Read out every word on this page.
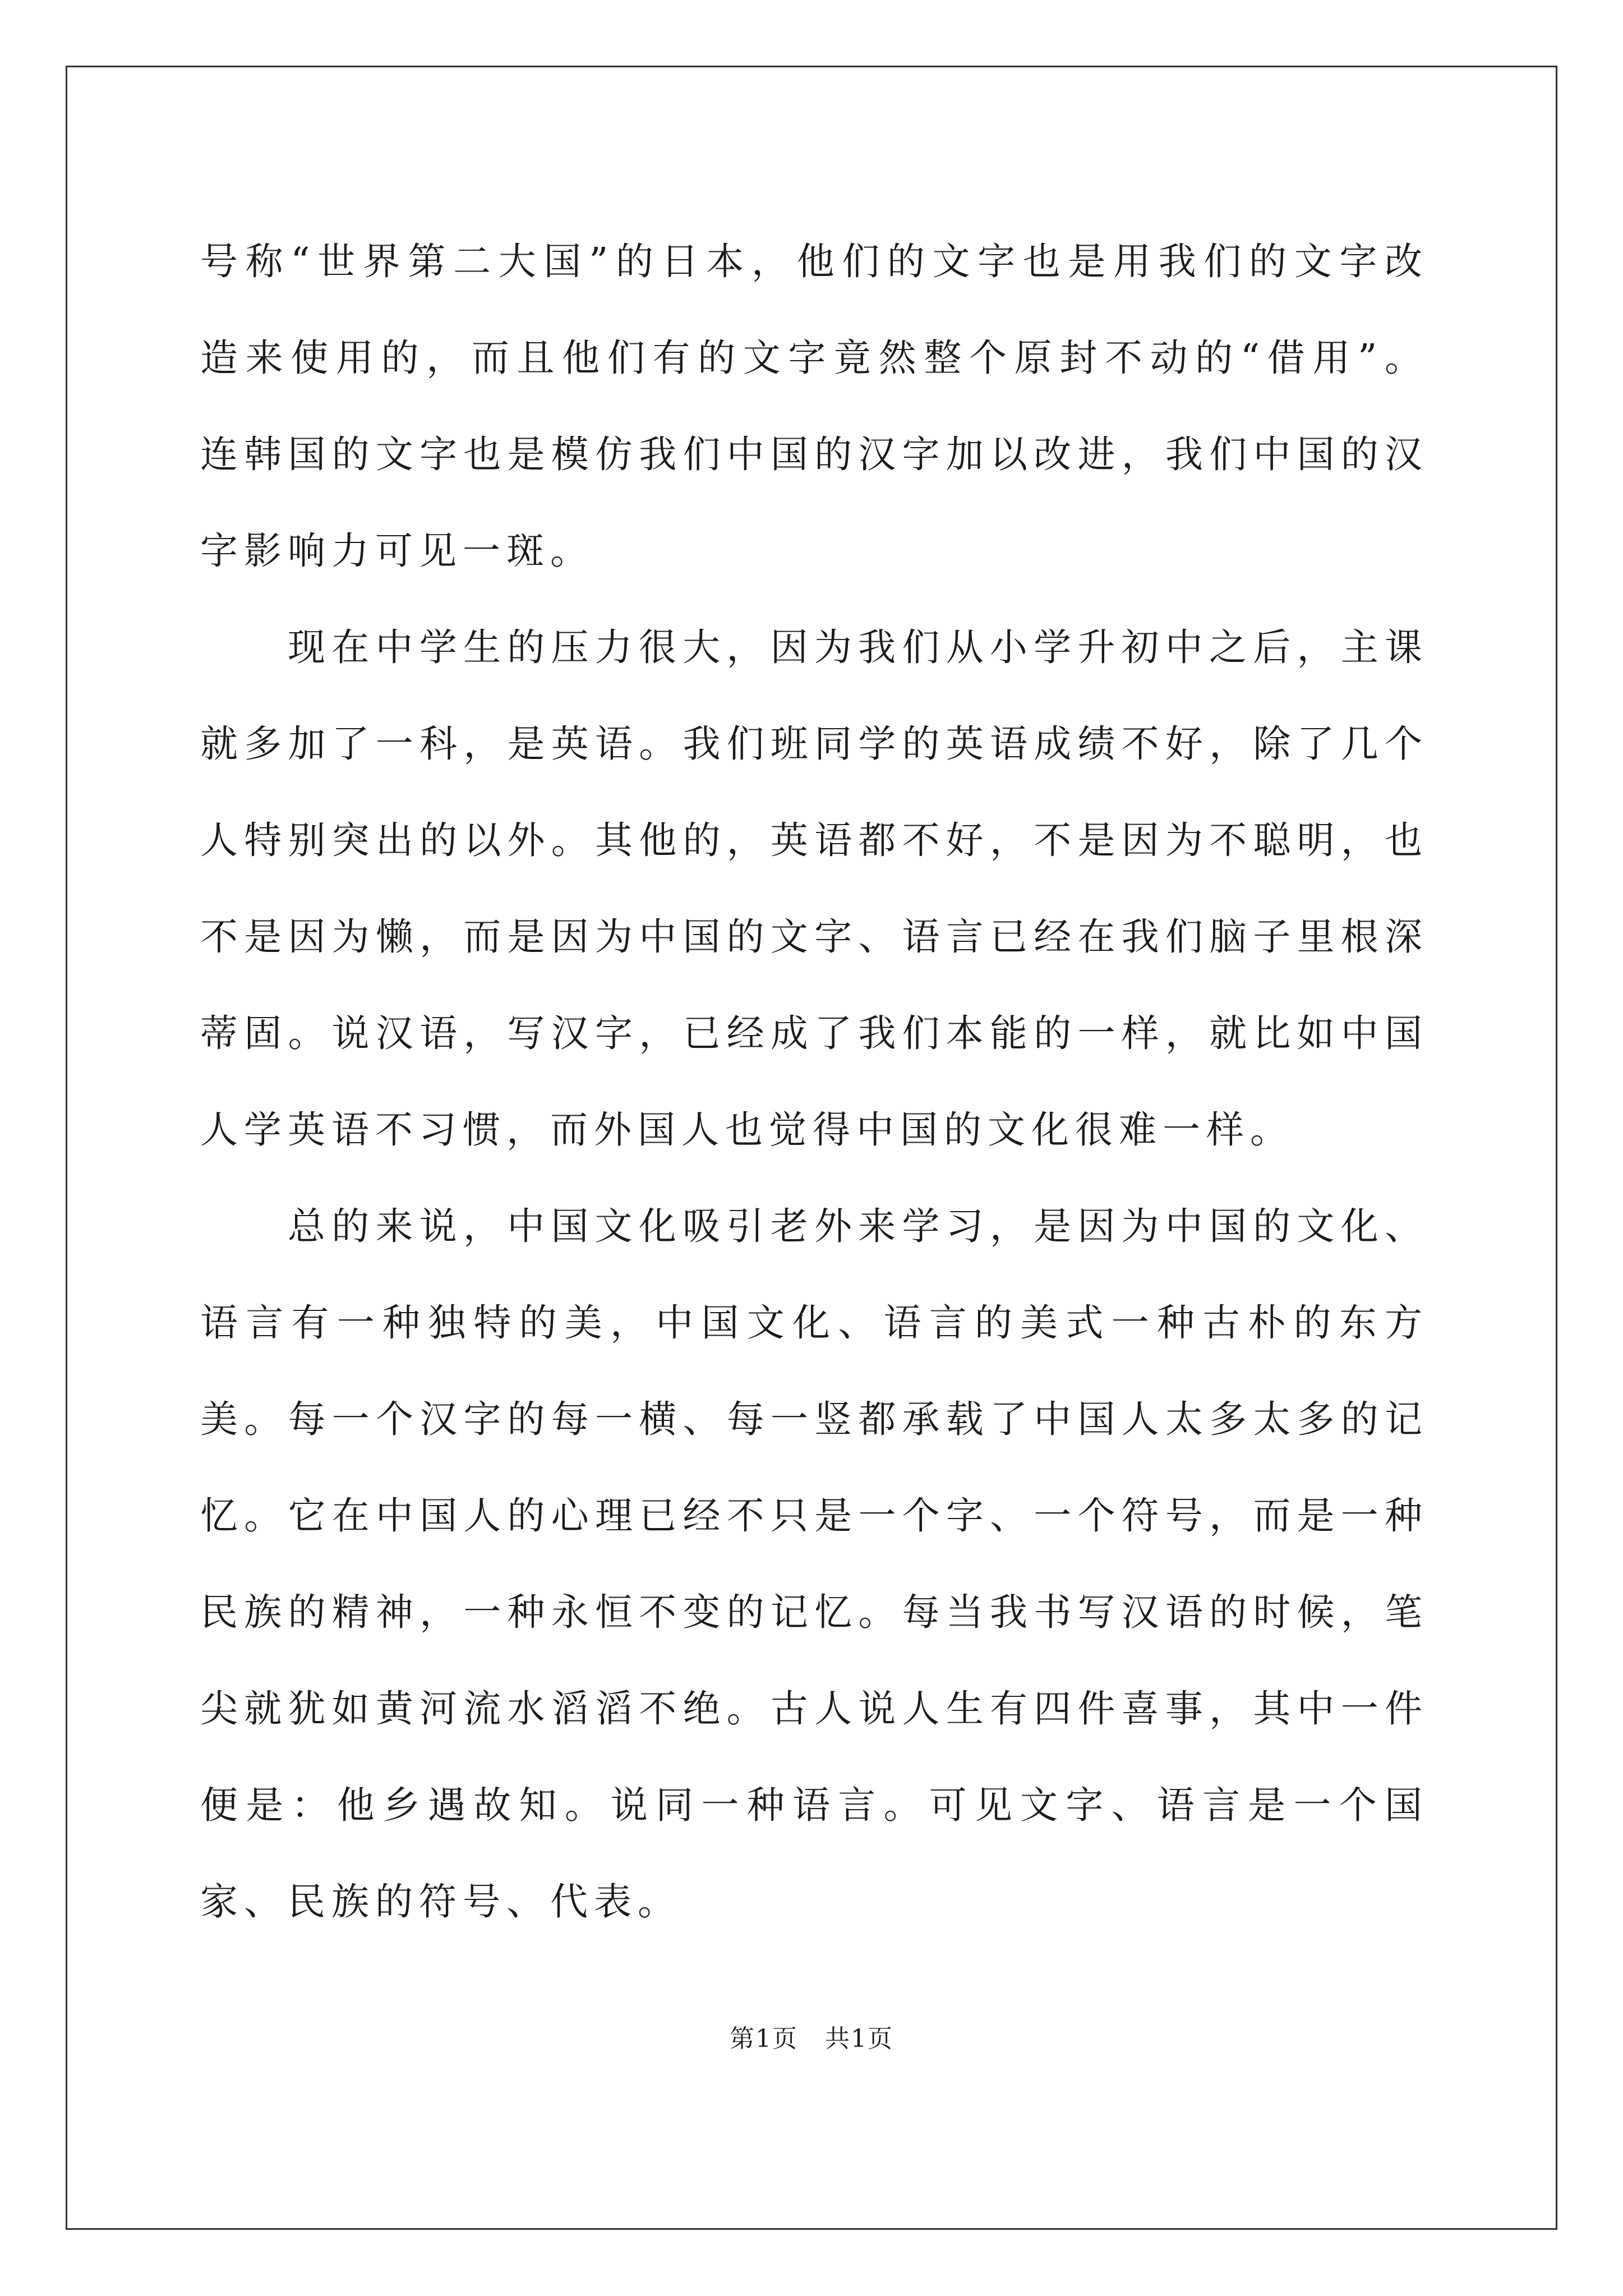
号称“世界第二大国”的日本，他们的文字也是用我们的文字改造来使用的，而且他们有的文字竟然整个原封不动的“借用”。连韩国的文字也是模仿我们中国的汉字加以改进，我们中国的汉字影响力可见一斑。

现在中学生的压力很大，因为我们从小学升初中之后，主课就多加了一科，是英语。我们班同学的英语成绩不好，除了几个人特别突出的以外。其他的，英语都不好，不是因为不聪明，也不是因为懒，而是因为中国的文字、语言已经在我们脑子里根深蒂固。说汉语，写汉字，已经成了我们本能的一样，就比如中国人学英语不习惯，而外国人也觉得中国的文化很难一样。

总的来说，中国文化吸引老外来学习，是因为中国的文化、语言有一种独特的美，中国文化、语言的美式一种古朴的东方美。每一个汉字的每一横、每一竖都承载了中国人太多太多的记忆。它在中国人的心理已经不只是一个字、一个符号，而是一种民族的精神，一种永恒不变的记忆。每当我书写汉语的时候，笔尖就犹如黄河流水滔滔不绝。古人说人生有四件喜事，其中一件便是：他乡遇故知。说同一种语言。可见文字、语言是一个国家、民族的符号、代表。

第1页 共1页
